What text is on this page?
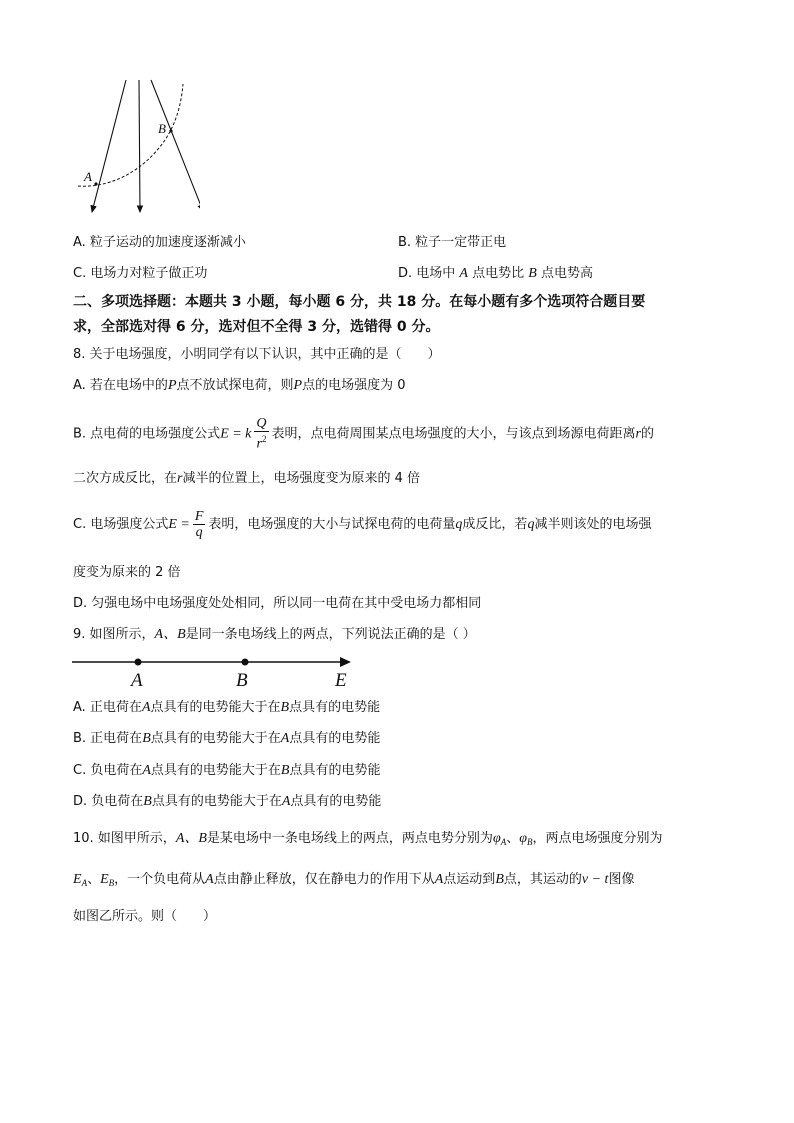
A
B
A. 粒子运动的加速度逐渐减小	B. 粒子一定带正电
C. 电场力对粒子做正功	D. 电场中 A 点电势比 B 点电势高
二、多项选择题：本题共 3 小题，每小题 6 分，共 18 分。在每小题有多个选项符合题目要
求，全部选对得 6 分，选对但不全得 3 分，选错得 0 分。
8. 关于电场强度，小明同学有以下认识，其中正确的是（　　）
A. 若在电场中的P点不放试探电荷，则P点的电场强度为 0
B. 点电荷的电场强度公式E = k $\frac{Q}{r^2}$ 表明，点电荷周围某点电场强度的大小，与该点到场源电荷距离r的
二次方成反比，在r减半的位置上，电场强度变为原来的 4 倍
C. 电场强度公式$E = \frac{F}{q}$ 表明，电场强度的大小与试探电荷的电荷量q成反比，若q减半则该处的电场强
度变为原来的 2 倍
D. 匀强电场中电场强度处处相同，所以同一电荷在其中受电场力都相同
9. 如图所示，A、B是同一条电场线上的两点，下列说法正确的是（ ）
A	B	E
A. 正电荷在A点具有的电势能大于在B点具有的电势能
B. 正电荷在B点具有的电势能大于在A点具有的电势能
C. 负电荷在A点具有的电势能大于在B点具有的电势能
D. 负电荷在B点具有的电势能大于在A点具有的电势能
10. 如图甲所示，A、B是某电场中一条电场线上的两点，两点电势分别为$\varphi_A$、$\varphi_B$，两点电场强度分别为
$E_A$、$E_B$，一个负电荷从A点由静止释放，仅在静电力的作用下从A点运动到B点，其运动的v − t图像
如图乙所示。则（　　）
